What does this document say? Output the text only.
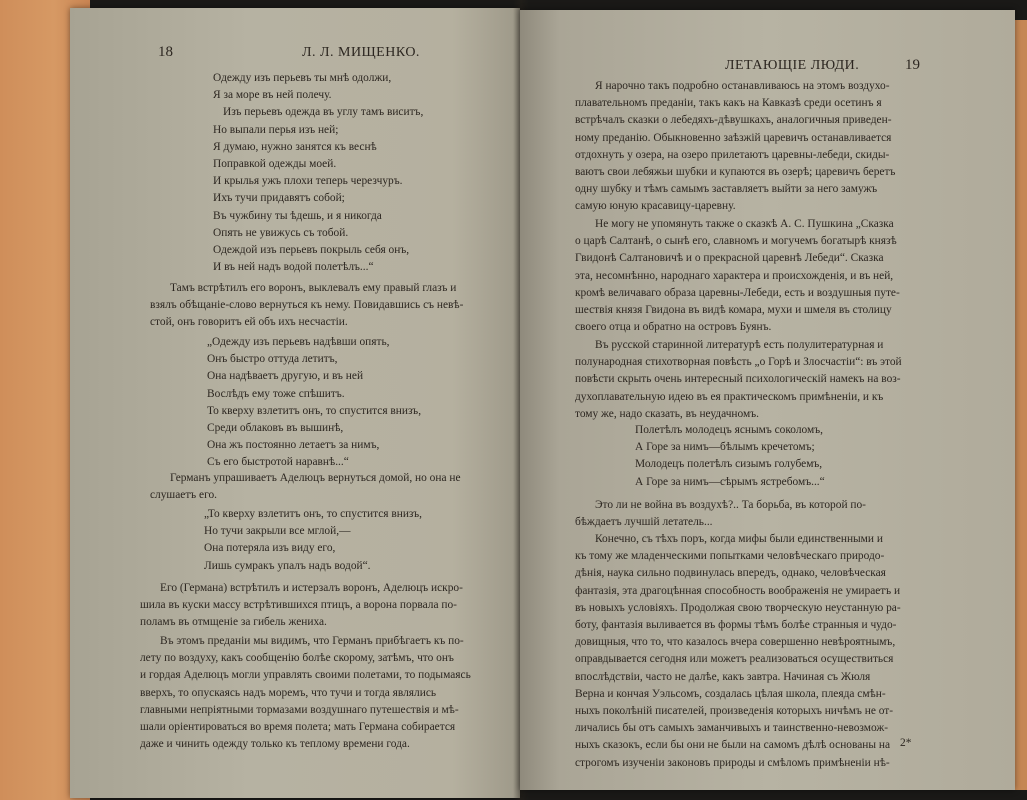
18	Л. Л. МИЩЕНКО.
Одежду изъ перьевъ ты мнѣ одолжи,
Я за море въ ней полечу.
Изъ перьевъ одежда въ углу тамъ виситъ,
Но выпали перья изъ ней;
Я думаю, нужно занятся къ веснѣ
Поправкой одежды моей.
И крылья ужъ плохи теперь черезчуръ.
Ихъ тучи придавятъ собой;
Въ чужбину ты ѣдешь, и я никогда
Опять не увижусь съ тобой.
Одеждой изъ перьевъ покрыль себя онъ,
И въ ней надъ водой полетѣлъ...“
Тамъ встрѣтилъ его воронъ, выклевалъ ему правый глазъ и
взялъ обѣщаніе-слово вернуться къ нему. Повидавшись съ невѣ-
стой, онъ говоритъ ей объ ихъ несчастіи.
„Одежду изъ перьевъ надѣвши опять,
Онъ быстро оттуда летитъ,
Она надѣваетъ другую, и въ ней
Вослѣдъ ему тоже спѣшитъ.
То кверху взлетитъ онъ, то спустится внизъ,
Среди облаковъ въ вышинѣ,
Она жъ постоянно летаетъ за нимъ,
Съ его быстротой наравнѣ...“
Германъ упрашиваетъ Аделюцъ вернуться домой, но она не
слушаетъ его.
„То кверху взлетитъ онъ, то спустится внизъ,
Но тучи закрыли все мглой,—
Она потеряла изъ виду его,
Лишь сумракъ упалъ надъ водой“.
Его (Германа) встрѣтилъ и истерзалъ воронъ, Аделюцъ искро-
шила въ куски массу встрѣтившихся птицъ, а ворона порвала по-
поламъ въ отмщеніе за гибель жениха.
Въ этомъ преданіи мы видимъ, что Германъ прибѣгаетъ къ по-
лету по воздуху, какъ сообщенію болѣе скорому, затѣмъ, что онъ
и гордая Аделюцъ могли управлять своими полетами, то подымаясь
вверхъ, то опускаясь надъ моремъ, что тучи и тогда являлись
главными непріятными тормазами воздушнаго путешествія и мѣ-
шали оріентироваться во время полета; мать Германа собирается
даже и чинить одежду только къ теплому времени года.
ЛЕТАЮЩІЕ ЛЮДИ.	19
Я нарочно такъ подробно останавливаюсь на этомъ воздухо-
плавательномъ преданіи, такъ какъ на Кавказѣ среди осетинъ я
встрѣчалъ сказки о лебедяхъ-дѣвушкахъ, аналогичныя приведен-
ному преданію. Обыкновенно заѣзжій царевичъ останавливается
отдохнуть у озера, на озеро прилетаютъ царевны-лебеди, скиды-
ваютъ свои лебяжьи шубки и купаются въ озерѣ; царевичъ беретъ
одну шубку и тѣмъ самымъ заставляетъ выйти за него замужъ
самую юную красавицу-царевну.
Не могу не упомянуть также о сказкѣ А. С. Пушкина „Сказка
о царѣ Салтанѣ, о сынѣ его, славномъ и могучемъ богатырѣ князѣ
Гвидонѣ Салтановичѣ и о прекрасной царевнѣ Лебеди“. Сказка
эта, несомнѣнно, народнаго характера и происхожденія, и въ ней,
кромѣ величаваго образа царевны-Лебеди, есть и воздушныя путе-
шествія князя Гвидона въ видѣ комара, мухи и шмеля въ столицу
своего отца и обратно на островъ Буянъ.
Въ русской старинной литературѣ есть полулитературная и
полународная стихотворная повѣсть „о Горѣ и Злосчастіи“: въ этой
повѣсти скрыть очень интересный психологическій намекъ на воз-
духоплавательную идею въ ея практическомъ примѣненіи, и къ
тому же, надо сказать, въ неудачномъ.
Полетѣлъ молодецъ яснымъ соколомъ,
А Горе за нимъ—бѣлымъ кречетомъ;
Молодецъ полетѣлъ сизымъ голубемъ,
А Горе за нимъ—сѣрымъ ястребомъ...“
Это ли не война въ воздухѣ?.. Та борьба, въ которой по-
бѣждаетъ лучшій летатель...
Конечно, съ тѣхъ поръ, когда мифы были единственными и
къ тому же младенческими попытками человѣческаго природо-
дѣнія, наука сильно подвинулась впередъ, однако, человѣческая
фантазія, эта драгоцѣнная способность воображенія не умираетъ и
въ новыхъ условіяхъ. Продолжая свою творческую неустанную ра-
боту, фантазія выливается въ формы тѣмъ болѣе странныя и чудо-
довищныя, что то, что казалось вчера совершенно невѣроятнымъ,
оправдывается сегодня или можетъ реализоваться осуществиться
впослѣдствіи, часто не далѣе, какъ завтра. Начиная съ Жюля
Верна и кончая Уэльсомъ, создалась цѣлая школа, плеяда смѣн-
ныхъ поколѣній писателей, произведенія которыхъ ничѣмъ не от-
личались бы отъ самыхъ заманчивыхъ и таинственно-невозмож-
ныхъ сказокъ, если бы они не были на самомъ дѣлѣ основаны на
строгомъ изученіи законовъ природы и смѣломъ примѣненіи нѣ-
2*
